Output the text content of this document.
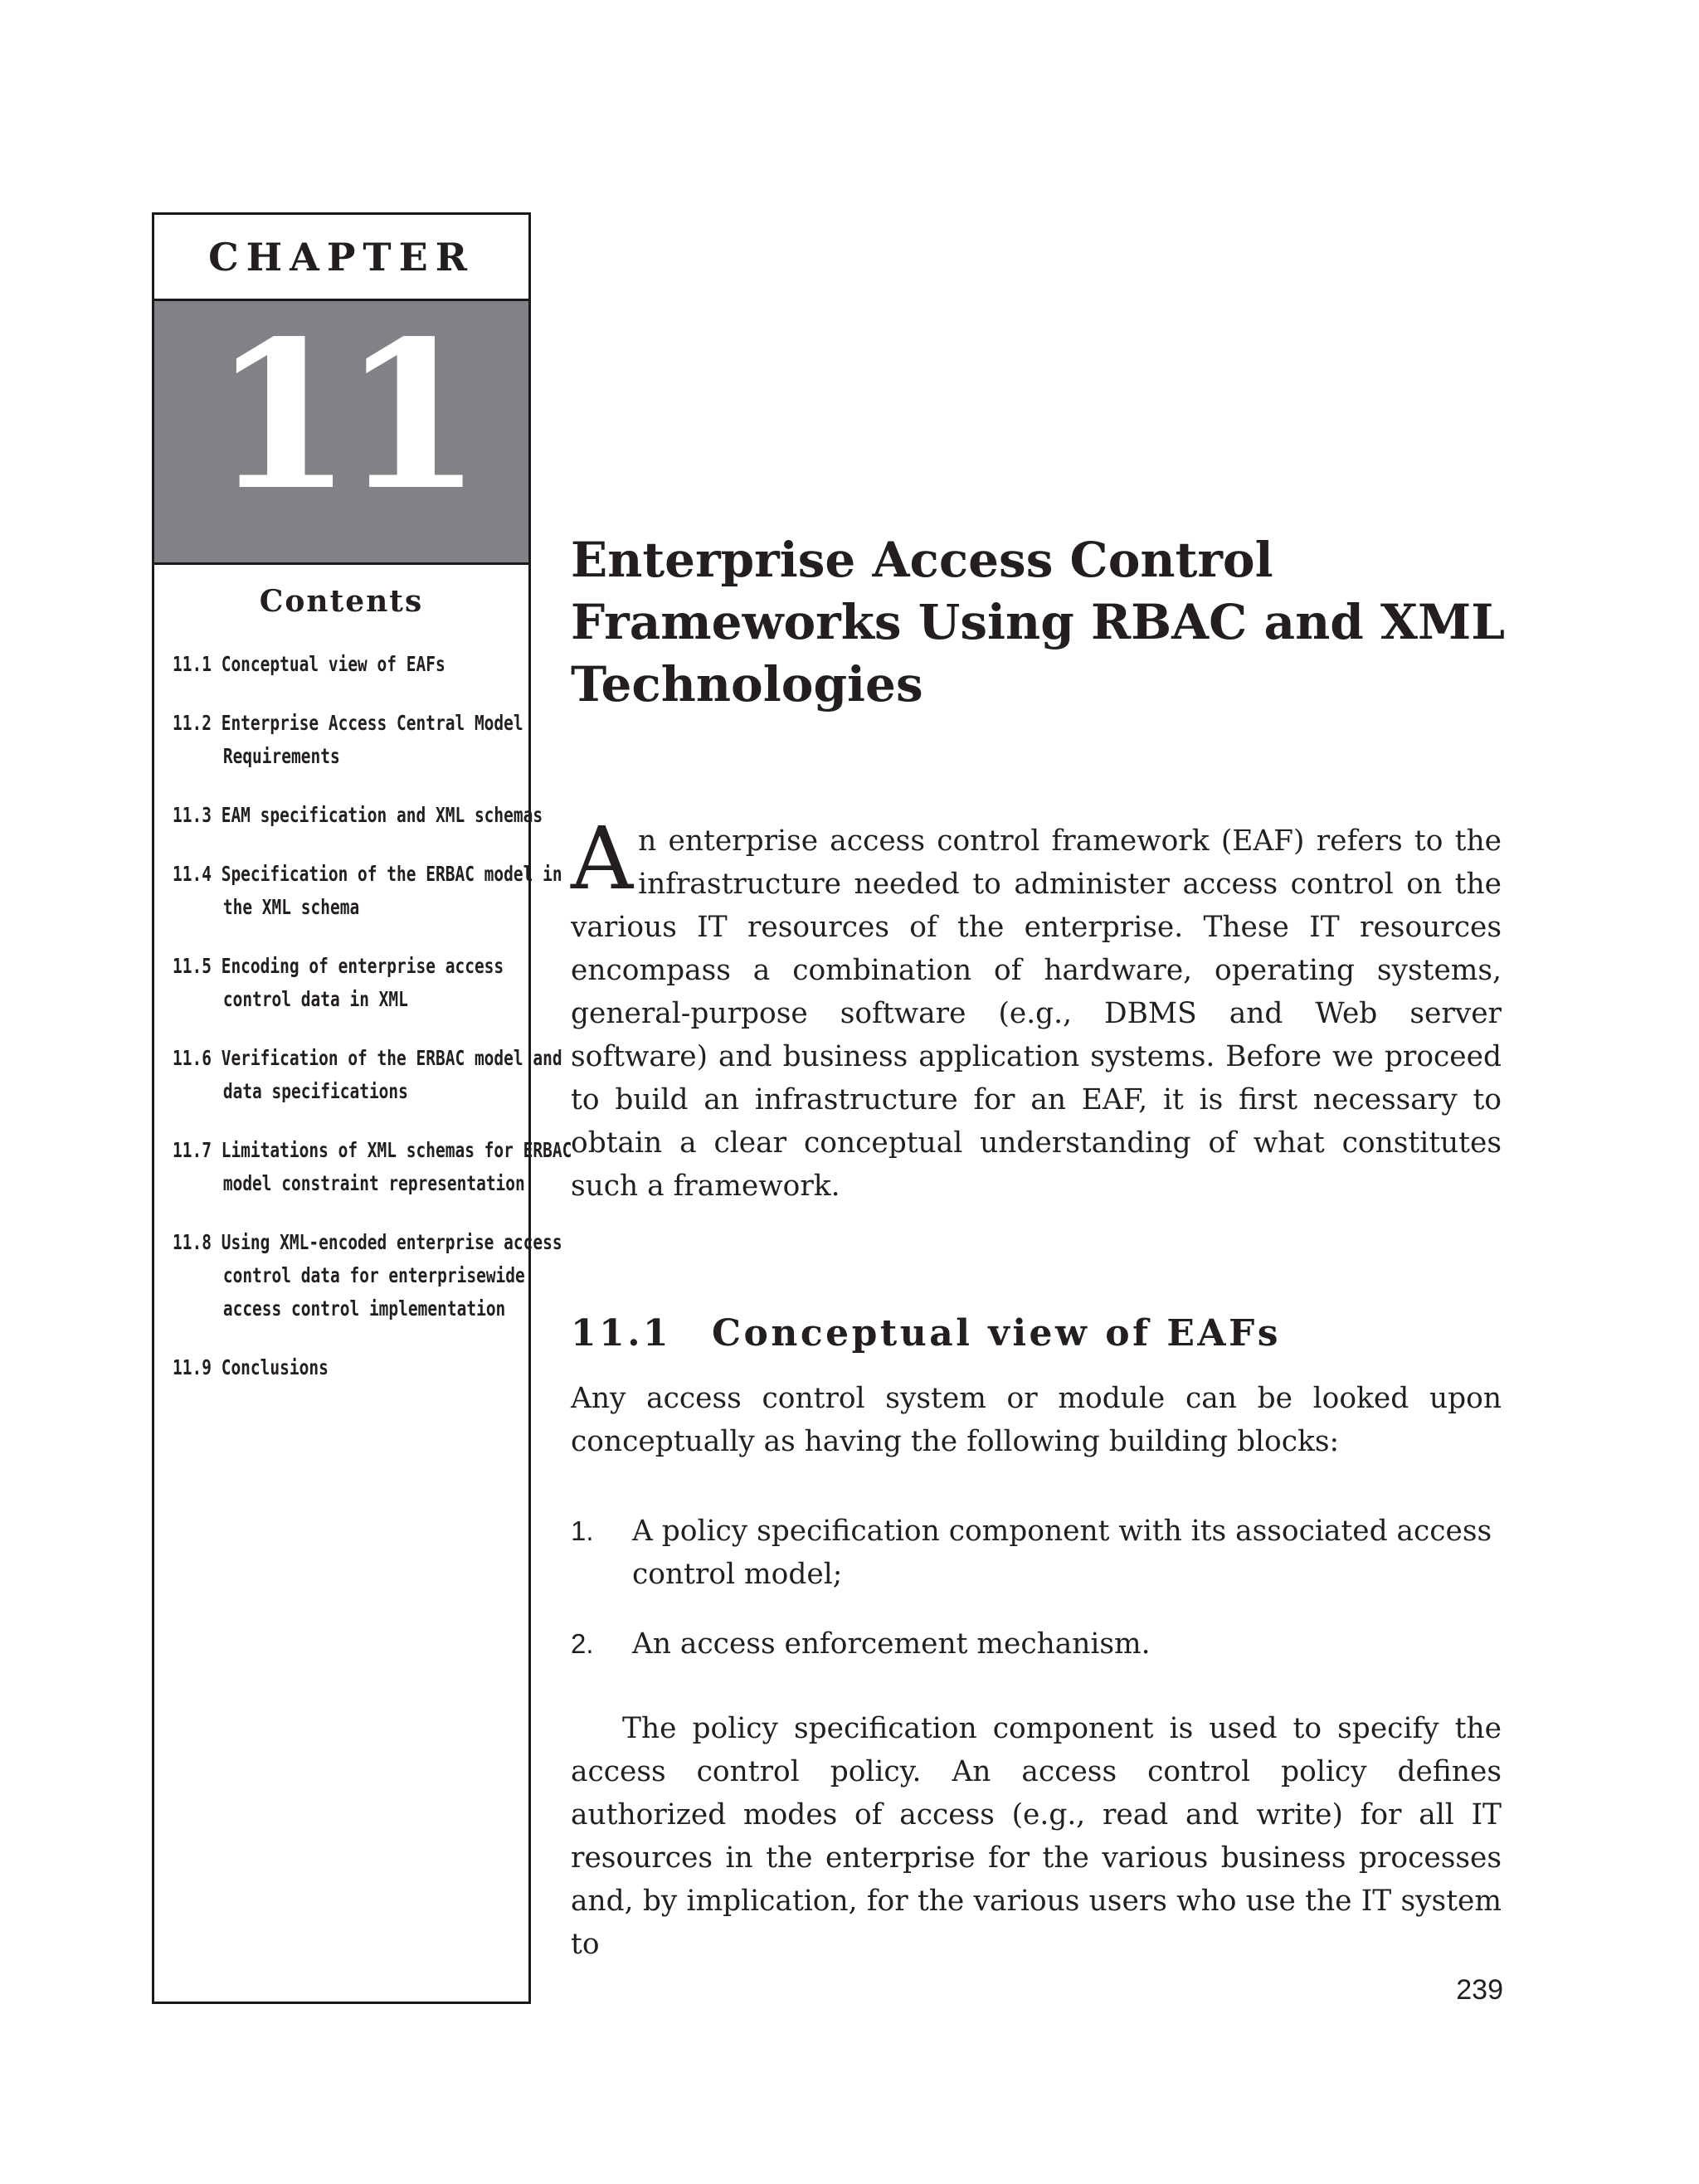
CHAPTER
11
Contents
11.1 Conceptual view of EAFs
11.2 Enterprise Access Central Model Requirements
11.3 EAM specification and XML schemas
11.4 Specification of the ERBAC model in the XML schema
11.5 Encoding of enterprise access control data in XML
11.6 Verification of the ERBAC model and data specifications
11.7 Limitations of XML schemas for ERBAC model constraint representation
11.8 Using XML-encoded enterprise access control data for enterprisewide access control implementation
11.9 Conclusions
Enterprise Access Control Frameworks Using RBAC and XML Technologies

An enterprise access control framework (EAF) refers to the infrastructure needed to administer access control on the various IT resources of the enterprise. These IT resources encompass a combination of hardware, operating systems, general-purpose software (e.g., DBMS and Web server software) and business application systems. Before we proceed to build an infrastructure for an EAF, it is first necessary to obtain a clear conceptual understanding of what constitutes such a framework.

11.1 Conceptual view of EAFs

Any access control system or module can be looked upon conceptually as having the following building blocks:

1. A policy specification component with its associated access control model;
2. An access enforcement mechanism.

The policy specification component is used to specify the access control policy. An access control policy defines authorized modes of access (e.g., read and write) for all IT resources in the enterprise for the various business processes and, by implication, for the various users who use the IT system to

239
